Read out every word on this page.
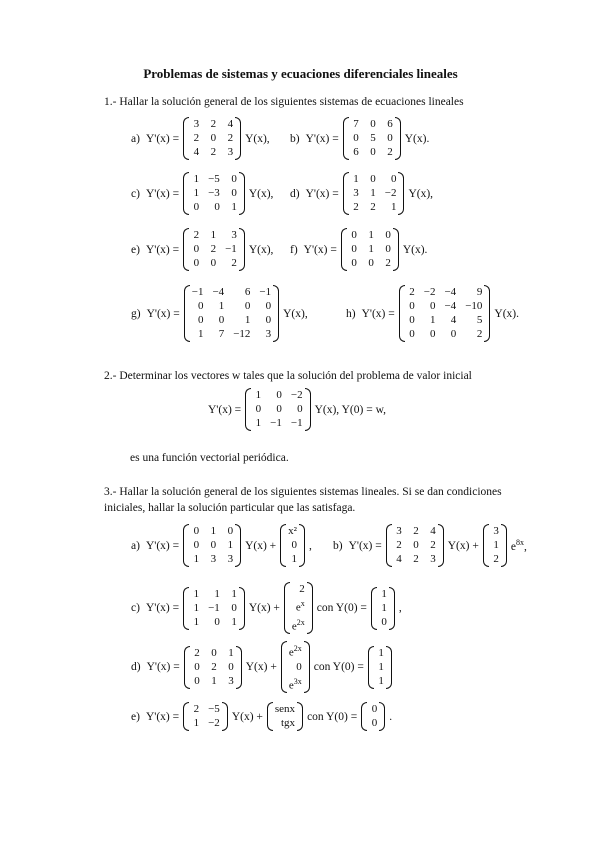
Problemas de sistemas y ecuaciones diferenciales lineales
1.- Hallar la solución general de los siguientes sistemas de ecuaciones lineales
a) Y'(x) =
3 2 4
2 0 2
4 2 3
Y(x), b) Y'(x) =
7 0 6
0 5 0
6 0 2
Y(x).
c) Y'(x) =
1 −5 0
1 −3 0
0	0 1
Y(x), d) Y'(x) =
1 0	0
3 1 −2
2 2	1
Y(x),
e) Y'(x) =
2 1	3
0 2 −1
0 0	2
Y(x), f) Y'(x) =
0 1 0
0 1 0
0 0 2
Y(x).
g) Y'(x) =
−1 −4	6 −1
0	1	0	0
0	0	1	0
1	7 −12	3
Y(x),	h) Y'(x) =
2 −2 −4	9
0	0 −4 −10
0	1	4	5
0	0	0	2
Y(x).
2.- Determinar los vectores w tales que la solución del problema de valor inicial
Y'(x) =
1	0 −2
0	0	0
1 −1 −1
Y(x), Y(0) = w,
es una función vectorial periódica.
3.- Hallar la solución general de los siguientes sistemas lineales. Si se dan condiciones iniciales, hallar la solución particular que las satisfaga.
a) Y'(x) =
0 1 0
0 0 1
1 3 3
Y(x) +
x²
0
1
, b) Y'(x) =
3 2 4
2 0 2
4 2 3
Y(x) +
3
1
2
$e^{8x}$,
c) Y'(x) =
1	1 1
1 −1 0
1	0 1
Y(x) +
2
$e^x$
$e^{2x}$
con Y(0) =
1
1
0
,
d) Y'(x) =
2 0 1
0 2 0
0 1 3
Y(x) +
$e^{2x}$
0
$e^{3x}$
con Y(0) =
1
1
1
e) Y'(x) =
2 −5
1 −2
Y(x) +
senx
tgx
con Y(0) =
0
0
.
